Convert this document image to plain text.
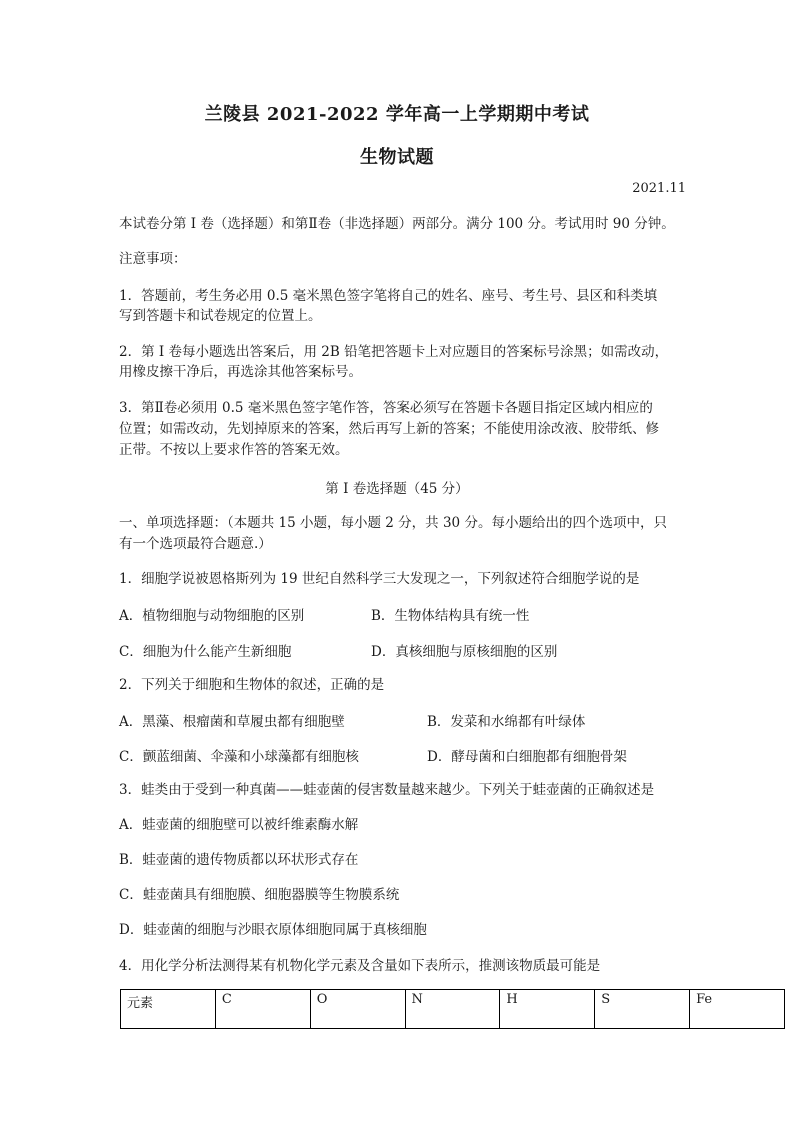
兰陵县 2021-2022 学年高一上学期期中考试
生物试题
2021.11
本试卷分第 I 卷（选择题）和第Ⅱ卷（非选择题）两部分。满分 100 分。考试用时 90 分钟。
注意事项：
1．答题前，考生务必用 0.5 毫米黑色签字笔将自己的姓名、座号、考生号、县区和科类填
写到答题卡和试卷规定的位置上。
2．第 I 卷每小题选出答案后，用 2B 铅笔把答题卡上对应题目的答案标号涂黑；如需改动，
用橡皮擦干净后，再选涂其他答案标号。
3．第Ⅱ卷必须用 0.5 毫米黑色签字笔作答，答案必须写在答题卡各题目指定区域内相应的
位置；如需改动，先划掉原来的答案，然后再写上新的答案；不能使用涂改液、胶带纸、修
正带。不按以上要求作答的答案无效。
第 I 卷选择题（45 分）
一、单项选择题：（本题共 15 小题，每小题 2 分，共 30 分。每小题给出的四个选项中，只
有一个选项最符合题意.）
1．细胞学说被恩格斯列为 19 世纪自然科学三大发现之一，下列叙述符合细胞学说的是
A．植物细胞与动物细胞的区别	B．生物体结构具有统一性
C．细胞为什么能产生新细胞	D．真核细胞与原核细胞的区别
2．下列关于细胞和生物体的叙述，正确的是
A．黑藻、根瘤菌和草履虫都有细胞壁	B．发菜和水绵都有叶绿体
C．颤蓝细菌、伞藻和小球藻都有细胞核	D．酵母菌和白细胞都有细胞骨架
3．蛙类由于受到一种真菌——蛙壶菌的侵害数量越来越少。下列关于蛙壶菌的正确叙述是
A．蛙壶菌的细胞壁可以被纤维素酶水解
B．蛙壶菌的遗传物质都以环状形式存在
C．蛙壶菌具有细胞膜、细胞器膜等生物膜系统
D．蛙壶菌的细胞与沙眼衣原体细胞同属于真核细胞
4．用化学分析法测得某有机物化学元素及含量如下表所示，推测该物质最可能是
元素	C	O	N	H	S	Fe
